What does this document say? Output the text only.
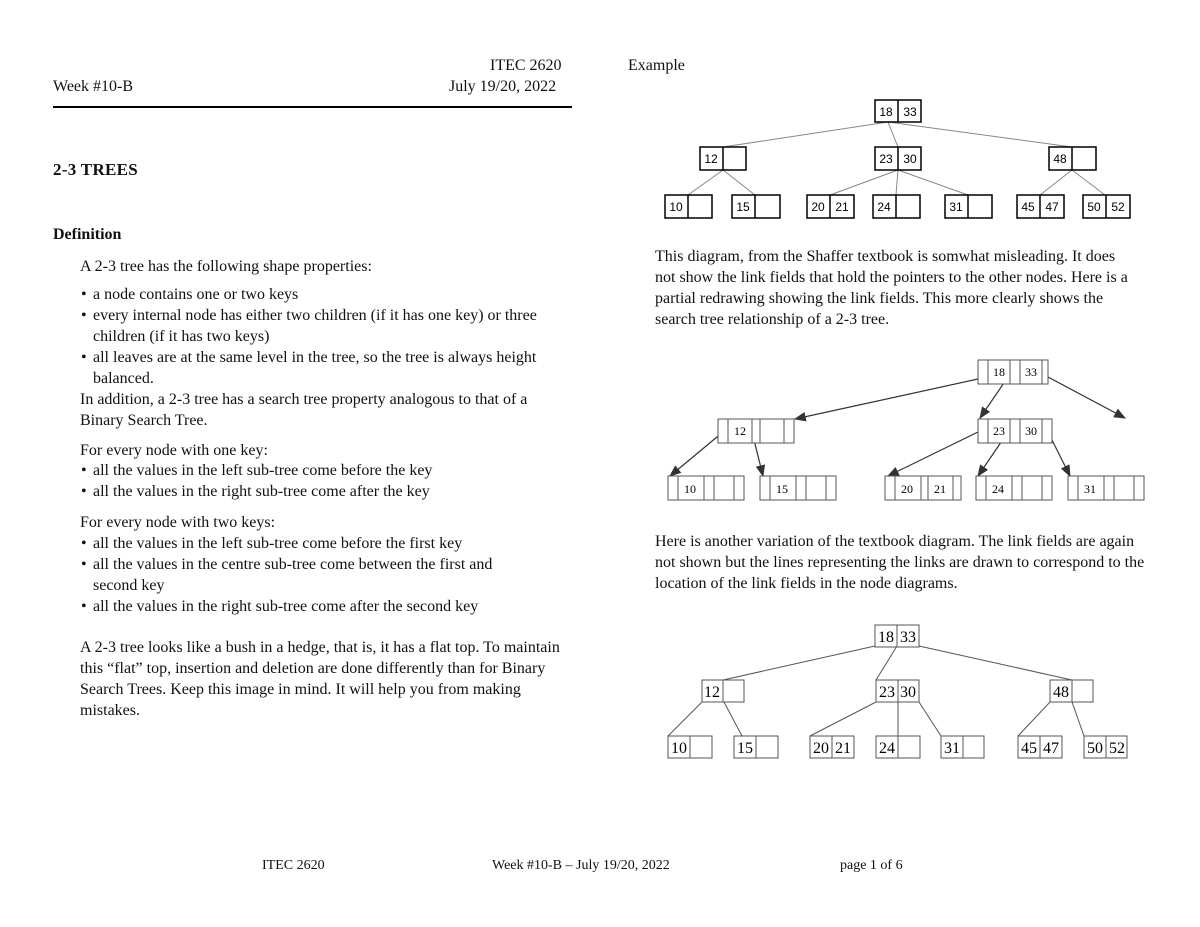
ITEC 2620
Week #10-B	July 19/20, 2022
Example
2-3 TREES
Definition
A 2-3 tree has the following shape properties:
• a node contains one or two keys
• every internal node has either two children (if it has one key) or three children (if it has two keys)
• all leaves are at the same level in the tree, so the tree is always height balanced.
In addition, a 2-3 tree has a search tree property analogous to that of a Binary Search Tree.
For every node with one key:
• all the values in the left sub-tree come before the key
• all the values in the right sub-tree come after the key
For every node with two keys:
• all the values in the left sub-tree come before the first key
• all the values in the centre sub-tree come between the first and second key
• all the values in the right sub-tree come after the second key
A 2-3 tree looks like a bush in a hedge, that is, it has a flat top. To maintain this “flat” top, insertion and deletion are done differently than for Binary Search Trees. Keep this image in mind. It will help you from making mistakes.
18 33
12	23 30	48
10	15	20 21 24	31	45 47 50 52
This diagram, from the Shaffer textbook is somwhat misleading. It does not show the link fields that hold the pointers to the other nodes. Here is a partial redrawing showing the link fields. This more clearly shows the search tree relationship of a 2-3 tree.
18 33
12	23 30
10	15	20 21	24	31
Here is another variation of the textbook diagram. The link fields are again not shown but the lines representing the links are drawn to correspond to the location of the link fields in the node diagrams.
18 33
12	23 30	48
10	15	20 21 24	31	45 47 50 52
ITEC 2620	Week #10-B – July 19/20, 2022	page 1 of 6
